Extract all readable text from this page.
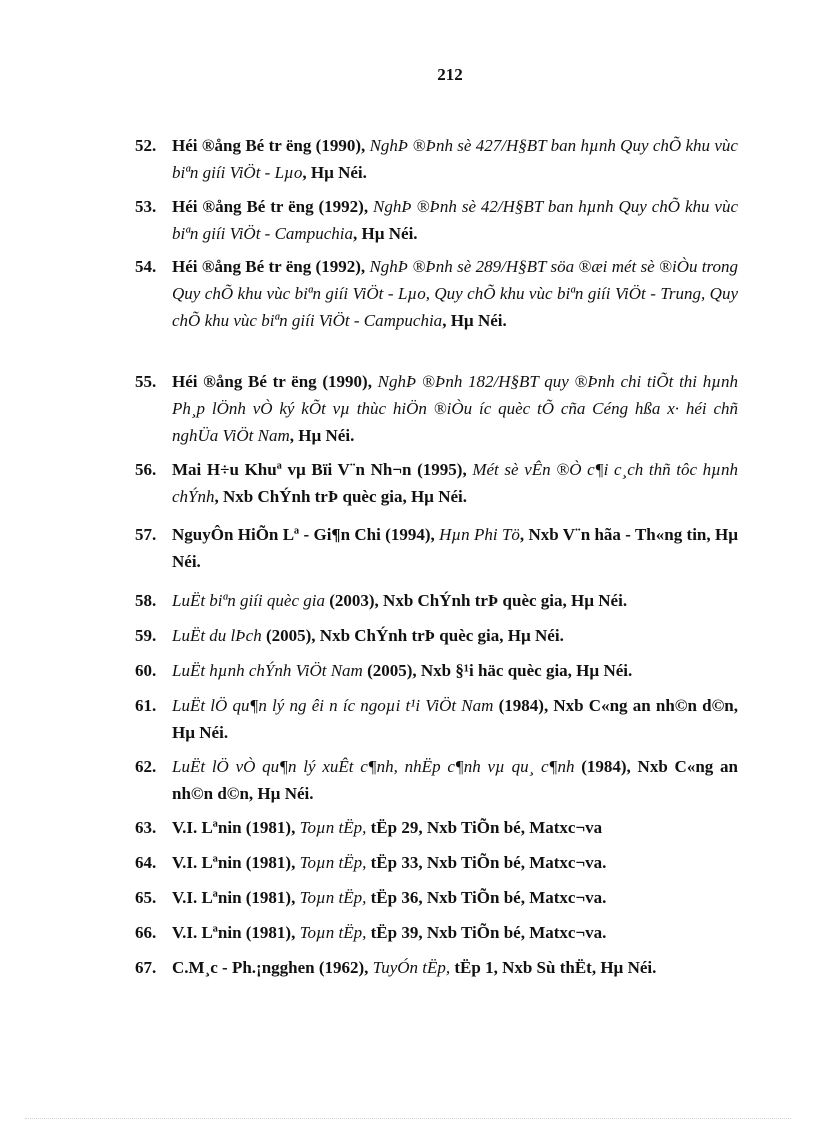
212
52. Héi ®ång Bé tr ëng (1990), NghÞ ®Þnh sè 427/H§BT ban hµnh Quy chÕ khu vùc biªn giíi ViÖt - Lµo, Hµ Néi.
53. Héi ®ång Bé tr ëng (1992), NghÞ ®Þnh sè 42/H§BT ban hµnh Quy chÕ khu vùc biªn giíi ViÖt - Campuchia, Hµ Néi.
54. Héi ®ång Bé tr ëng (1992), NghÞ ®Þnh sè 289/H§BT söa ®æi mét sè ®iÒu trong Quy chÕ khu vùc biªn giíi ViÖt - Lµo, Quy chÕ khu vùc biªn giíi ViÖt - Trung, Quy chÕ khu vùc biªn giíi ViÖt - Campuchia, Hµ Néi.
55. Héi ®ång Bé tr ëng (1990), NghÞ ®Þnh 182/H§BT quy ®Þnh chi tiÕt thi hµnh Ph¸p lÖnh vÒ ký kÕt vµ thùc hiÖn ®iÒu íc quèc tÕ cña Céng hßa x· héi chñ nghÜa ViÖt Nam, Hµ Néi.
56. Mai H÷u Khuª vµ Bïi V¨n Nh¬n (1995), Mét sè vÊn ®Ò c¶i c¸ch thñ tôc hµnh chÝnh, Nxb ChÝnh trÞ quèc gia, Hµ Néi.
57. NguyÔn HiÕn Lª - Gi¶n Chi (1994), Hµn Phi Tö, Nxb V¨n hãa - Th«ng tin, Hµ Néi.
58. LuËt biªn giíi quèc gia (2003), Nxb ChÝnh trÞ quèc gia, Hµ Néi.
59. LuËt du lÞch (2005), Nxb ChÝnh trÞ quèc gia, Hµ Néi.
60. LuËt hµnh chÝnh ViÖt Nam (2005), Nxb §¹i häc quèc gia, Hµ Néi.
61. LuËt lÖ qu¶n lý ng êi n íc ngoµi t¹i ViÖt Nam (1984), Nxb C«ng an nh©n d©n, Hµ Néi.
62. LuËt lÖ vÒ qu¶n lý xuÊt c¶nh, nhËp c¶nh vµ qu¸ c¶nh (1984), Nxb C«ng an nh©n d©n, Hµ Néi.
63. V.I. Lªnin (1981), Toµn tËp, tËp 29, Nxb TiÕn bé, Matxc¬va
64. V.I. Lªnin (1981), Toµn tËp, tËp 33, Nxb TiÕn bé, Matxc¬va.
65. V.I. Lªnin (1981), Toµn tËp, tËp 36, Nxb TiÕn bé, Matxc¬va.
66. V.I. Lªnin (1981), Toµn tËp, tËp 39, Nxb TiÕn bé, Matxc¬va.
67. C.M¸c - Ph.¡ngghen (1962), TuyÓn tËp, tËp 1, Nxb Sù thËt, Hµ Néi.
